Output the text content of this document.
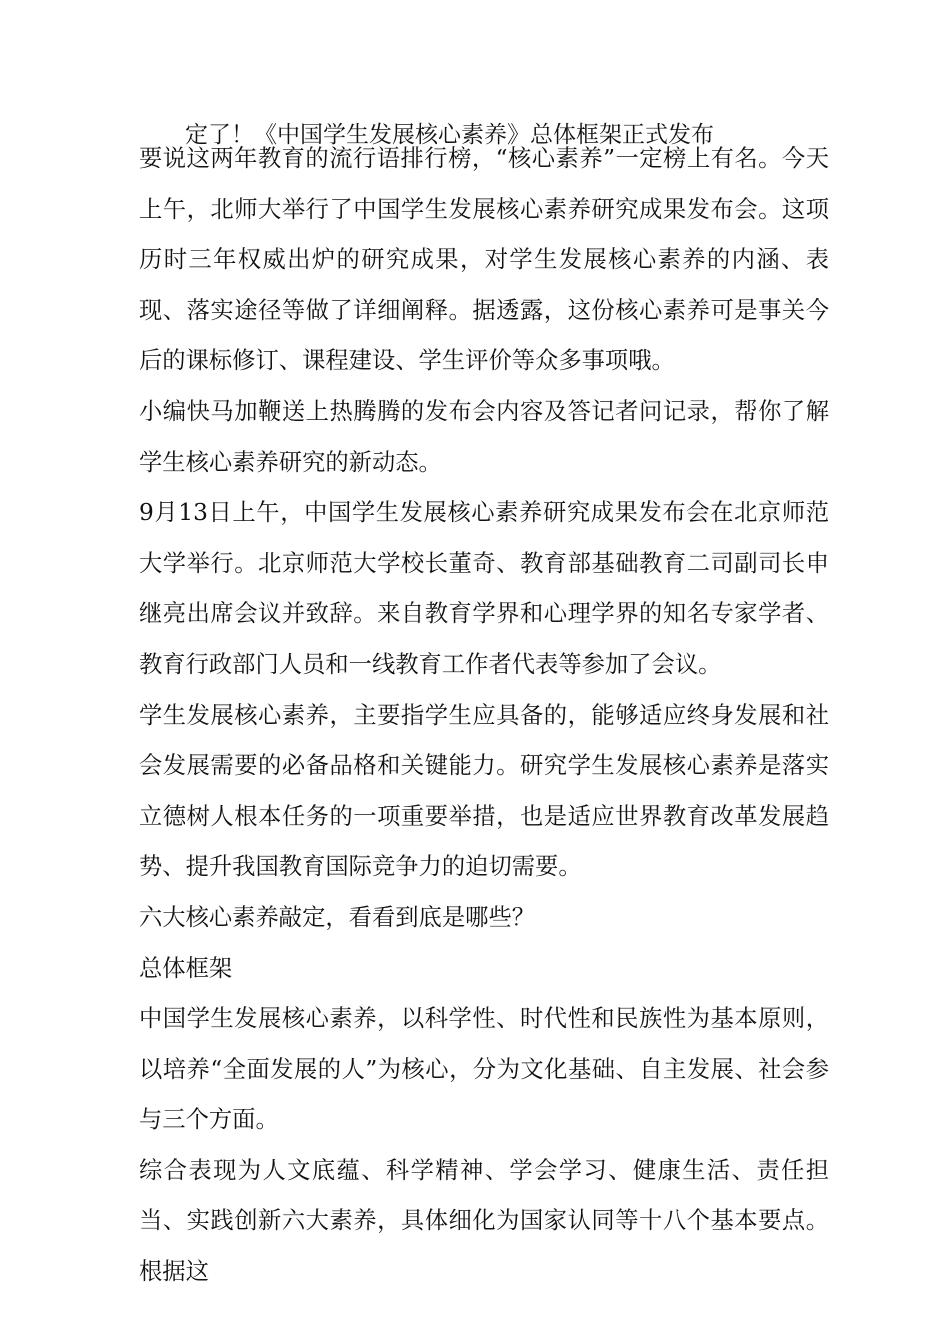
定了！《中国学生发展核心素养》总体框架正式发布

要说这两年教育的流行语排行榜，“核心素养”一定榜上有名。今天上午，北师大举行了中国学生发展核心素养研究成果发布会。这项历时三年权威出炉的研究成果，对学生发展核心素养的内涵、表现、落实途径等做了详细阐释。据透露，这份核心素养可是事关今后的课标修订、课程建设、学生评价等众多事项哦。

小编快马加鞭送上热腾腾的发布会内容及答记者问记录，帮你了解学生核心素养研究的新动态。

9月13日上午，中国学生发展核心素养研究成果发布会在北京师范大学举行。北京师范大学校长董奇、教育部基础教育二司副司长申继亮出席会议并致辞。来自教育学界和心理学界的知名专家学者、教育行政部门人员和一线教育工作者代表等参加了会议。

学生发展核心素养，主要指学生应具备的，能够适应终身发展和社会发展需要的必备品格和关键能力。研究学生发展核心素养是落实立德树人根本任务的一项重要举措，也是适应世界教育改革发展趋势、提升我国教育国际竞争力的迫切需要。

六大核心素养敲定，看看到底是哪些？

总体框架

中国学生发展核心素养，以科学性、时代性和民族性为基本原则，以培养“全面发展的人”为核心，分为文化基础、自主发展、社会参与三个方面。

综合表现为人文底蕴、科学精神、学会学习、健康生活、责任担当、实践创新六大素养，具体细化为国家认同等十八个基本要点。根据这
